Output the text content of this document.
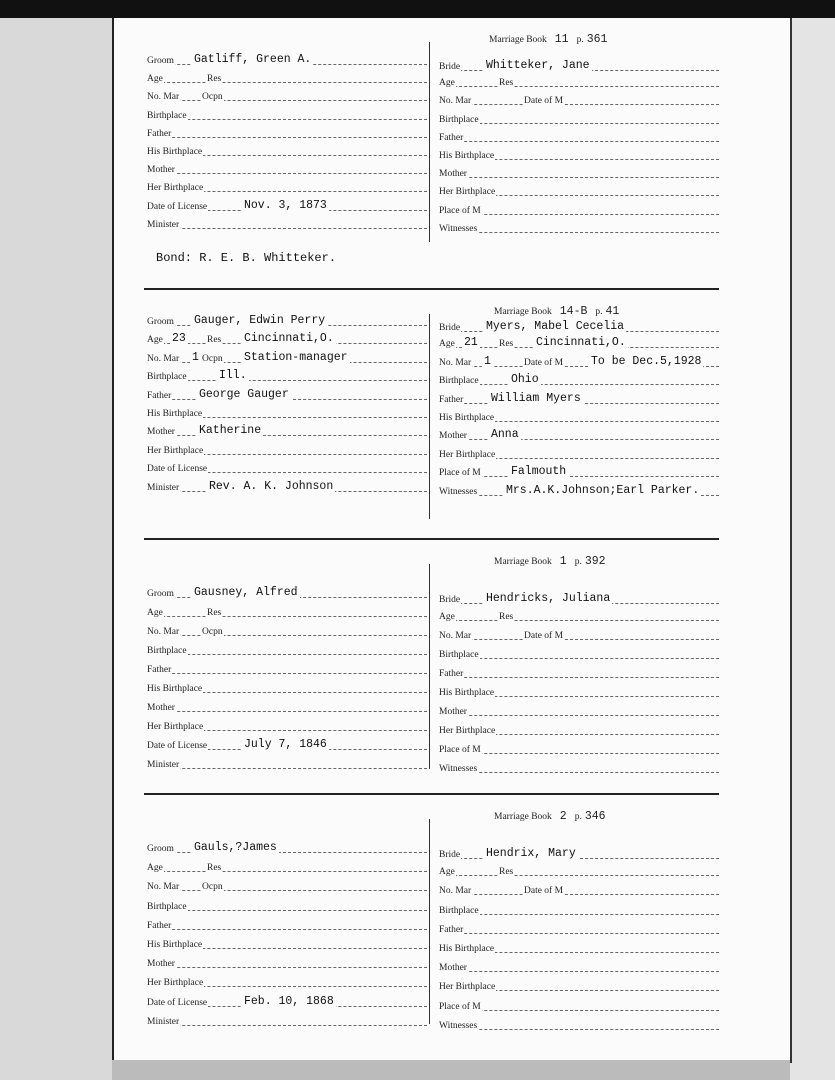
Marriage Book 11 p. 361
Groom Gatliff, Green A.
Age	Res
No. Mar Ocpn
Birthplace
Father
His Birthplace
Mother
Her Birthplace
Date of License	Nov. 3, 1873
Minister
Bride Whitteker, Jane
Age	Res
No. Mar	Date of M
Birthplace
Father
His Birthplace
Mother
Her Birthplace
Place of M
Witnesses
Bond: R. E. B. Whitteker.
Marriage Book 14-B p. 41
Groom Gauger, Edwin Perry
Age 23 Res Cincinnati,O.
No. Mar 1 Ocpn Station-manager
Birthplace	Ill.
Father George Gauger
His Birthplace
Mother Katherine
Her Birthplace
Date of License
Minister	Rev. A. K. Johnson
Bride Myers, Mabel Cecelia
Age 21 Res Cincinnati,O.
No. Mar 1	Date of M To be Dec.5,1928
Birthplace	Ohio
Father William Myers
His Birthplace
Mother Anna
Her Birthplace
Place of M	Falmouth
Witnesses	Mrs.A.K.Johnson;Earl Parker.
Marriage Book 1 p. 392
Groom Gausney, Alfred
Age	Res
No. Mar Ocpn
Birthplace
Father
His Birthplace
Mother
Her Birthplace
Date of License	July 7, 1846
Minister
Bride Hendricks, Juliana
Age	Res
No. Mar	Date of M
Birthplace
Father
His Birthplace
Mother
Her Birthplace
Place of M
Witnesses
Marriage Book 2 p. 346
Groom Gauls,?James
Age	Res
No. Mar Ocpn
Birthplace
Father
His Birthplace
Mother
Her Birthplace
Date of License	Feb. 10, 1868
Minister
Bride Hendrix, Mary
Age	Res
No. Mar	Date of M
Birthplace
Father
His Birthplace
Mother
Her Birthplace
Place of M
Witnesses
